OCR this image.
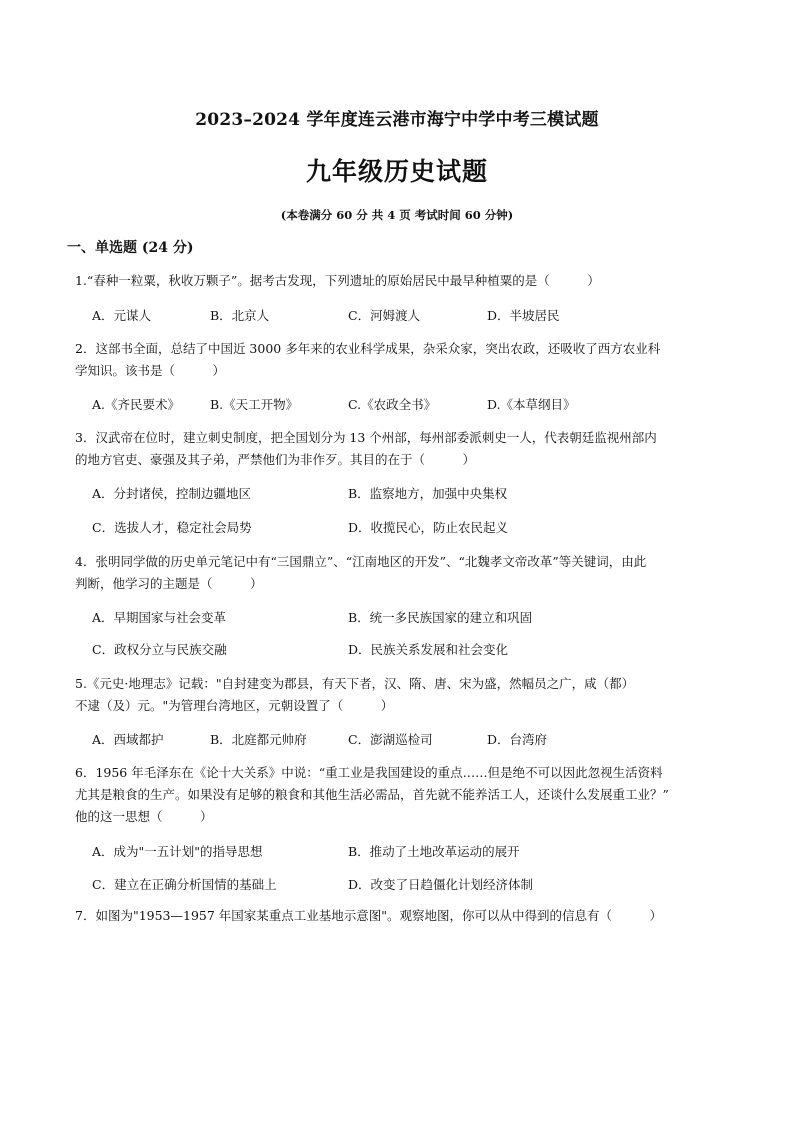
2023–2024 学年度连云港市海宁中学中考三模试题
九年级历史试题
(本卷满分 60 分 共 4 页 考试时间 60 分钟)
一、单选题 (24 分)
1.“春种一粒粟，秋收万颗子”。据考古发现，下列遗址的原始居民中最早种植粟的是（　　　）
A．元谋人	B．北京人	C．河姆渡人	D．半坡居民
2．这部书全面，总结了中国近 3000 多年来的农业科学成果，杂采众家，突出农政，还吸收了西方农业科
学知识。该书是（　　　）
A.《齐民要术》 B.《天工开物》	C.《农政全书》	D.《本草纲目》
3．汉武帝在位时，建立刺史制度，把全国划分为 13 个州部，每州部委派刺史一人，代表朝廷监视州部内
的地方官吏、豪强及其子弟，严禁他们为非作歹。其目的在于（　　　）
A．分封诸侯，控制边疆地区	B．监察地方，加强中央集权
C．选拔人才，稳定社会局势	D．收揽民心，防止农民起义
4．张明同学做的历史单元笔记中有“三国鼎立”、“江南地区的开发”、“北魏孝文帝改革”等关键词，由此
判断，他学习的主题是（　　　）
A．早期国家与社会变革	B．统一多民族国家的建立和巩固
C．政权分立与民族交融	D．民族关系发展和社会变化
5.《元史·地理志》记载："自封建变为郡县，有天下者，汉、隋、唐、宋为盛，然幅员之广，咸（都）
不逮（及）元。"为管理台湾地区，元朝设置了（　　　）
A．西域都护	B．北庭都元帅府	C．澎湖巡检司	D．台湾府
6．1956 年毛泽东在《论十大关系》中说：“重工业是我国建设的重点……但是绝不可以因此忽视生活资料
尤其是粮食的生产。如果没有足够的粮食和其他生活必需品，首先就不能养活工人，还谈什么发展重工业？”
他的这一思想（　　　）
A．成为"一五计划"的指导思想	B．推动了土地改革运动的展开
C．建立在正确分析国情的基础上	D．改变了日趋僵化计划经济体制
7．如图为"1953—1957 年国家某重点工业基地示意图"。观察地图，你可以从中得到的信息有（　　　）
